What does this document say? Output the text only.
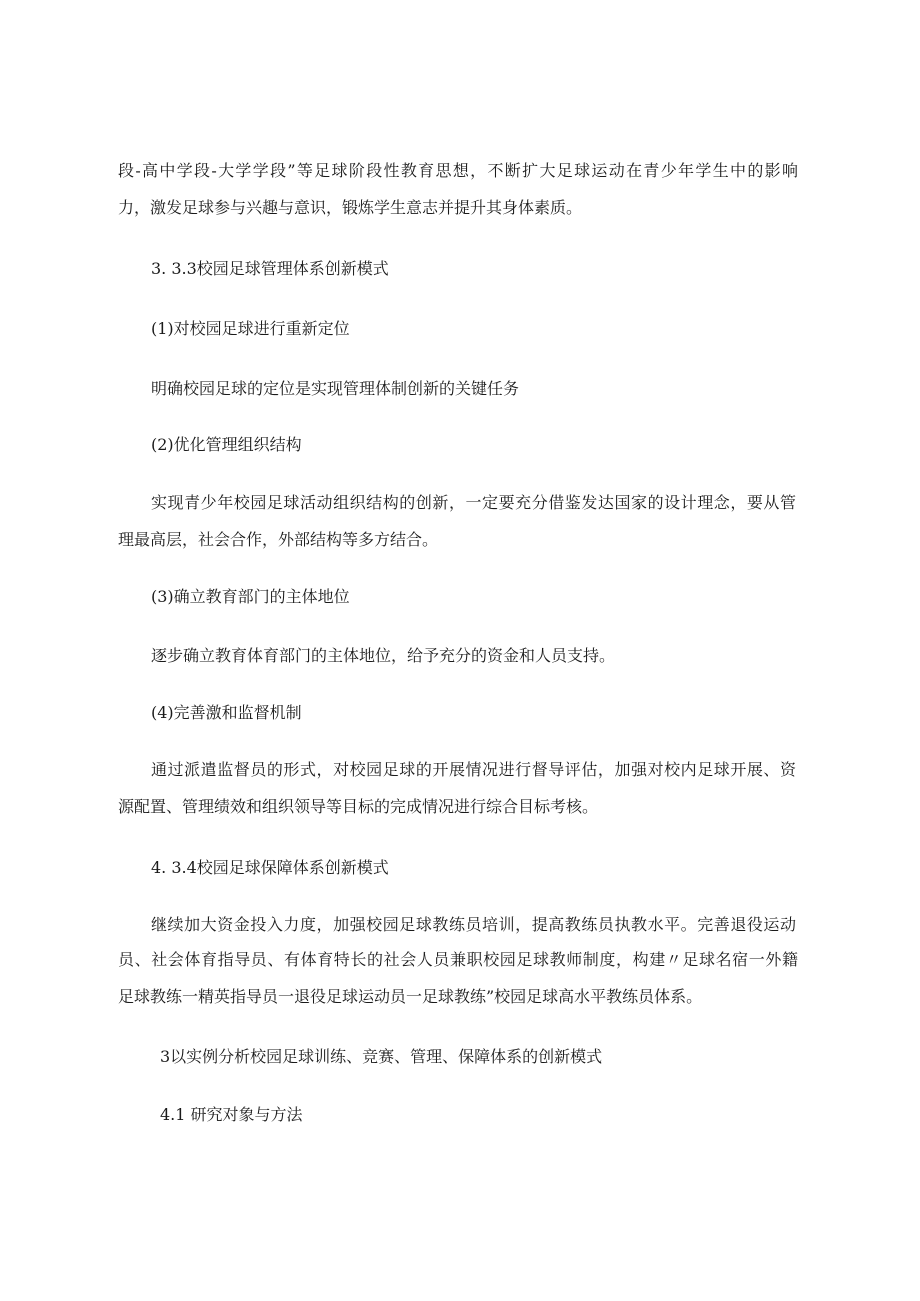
段-高中学段-大学学段”等足球阶段性教育思想，不断扩大足球运动在青少年学生中的影响
力，激发足球参与兴趣与意识，锻炼学生意志并提升其身体素质。
3. 3.3校园足球管理体系创新模式
(1)对校园足球进行重新定位
明确校园足球的定位是实现管理体制创新的关键任务
(2)优化管理组织结构
实现青少年校园足球活动组织结构的创新，一定要充分借鉴发达国家的设计理念，要从管
理最高层，社会合作，外部结构等多方结合。
(3)确立教育部门的主体地位
逐步确立教育体育部门的主体地位，给予充分的资金和人员支持。
(4)完善激和监督机制
通过派遣监督员的形式，对校园足球的开展情况进行督导评估，加强对校内足球开展、资
源配置、管理绩效和组织领导等目标的完成情况进行综合目标考核。
4. 3.4校园足球保障体系创新模式
继续加大资金投入力度，加强校园足球教练员培训，提高教练员执教水平。完善退役运动
员、社会体育指导员、有体育特长的社会人员兼职校园足球教师制度，构建〃足球名宿一外籍
足球教练一精英指导员一退役足球运动员一足球教练”校园足球高水平教练员体系。
3以实例分析校园足球训练、竞赛、管理、保障体系的创新模式
4.1 研究对象与方法
